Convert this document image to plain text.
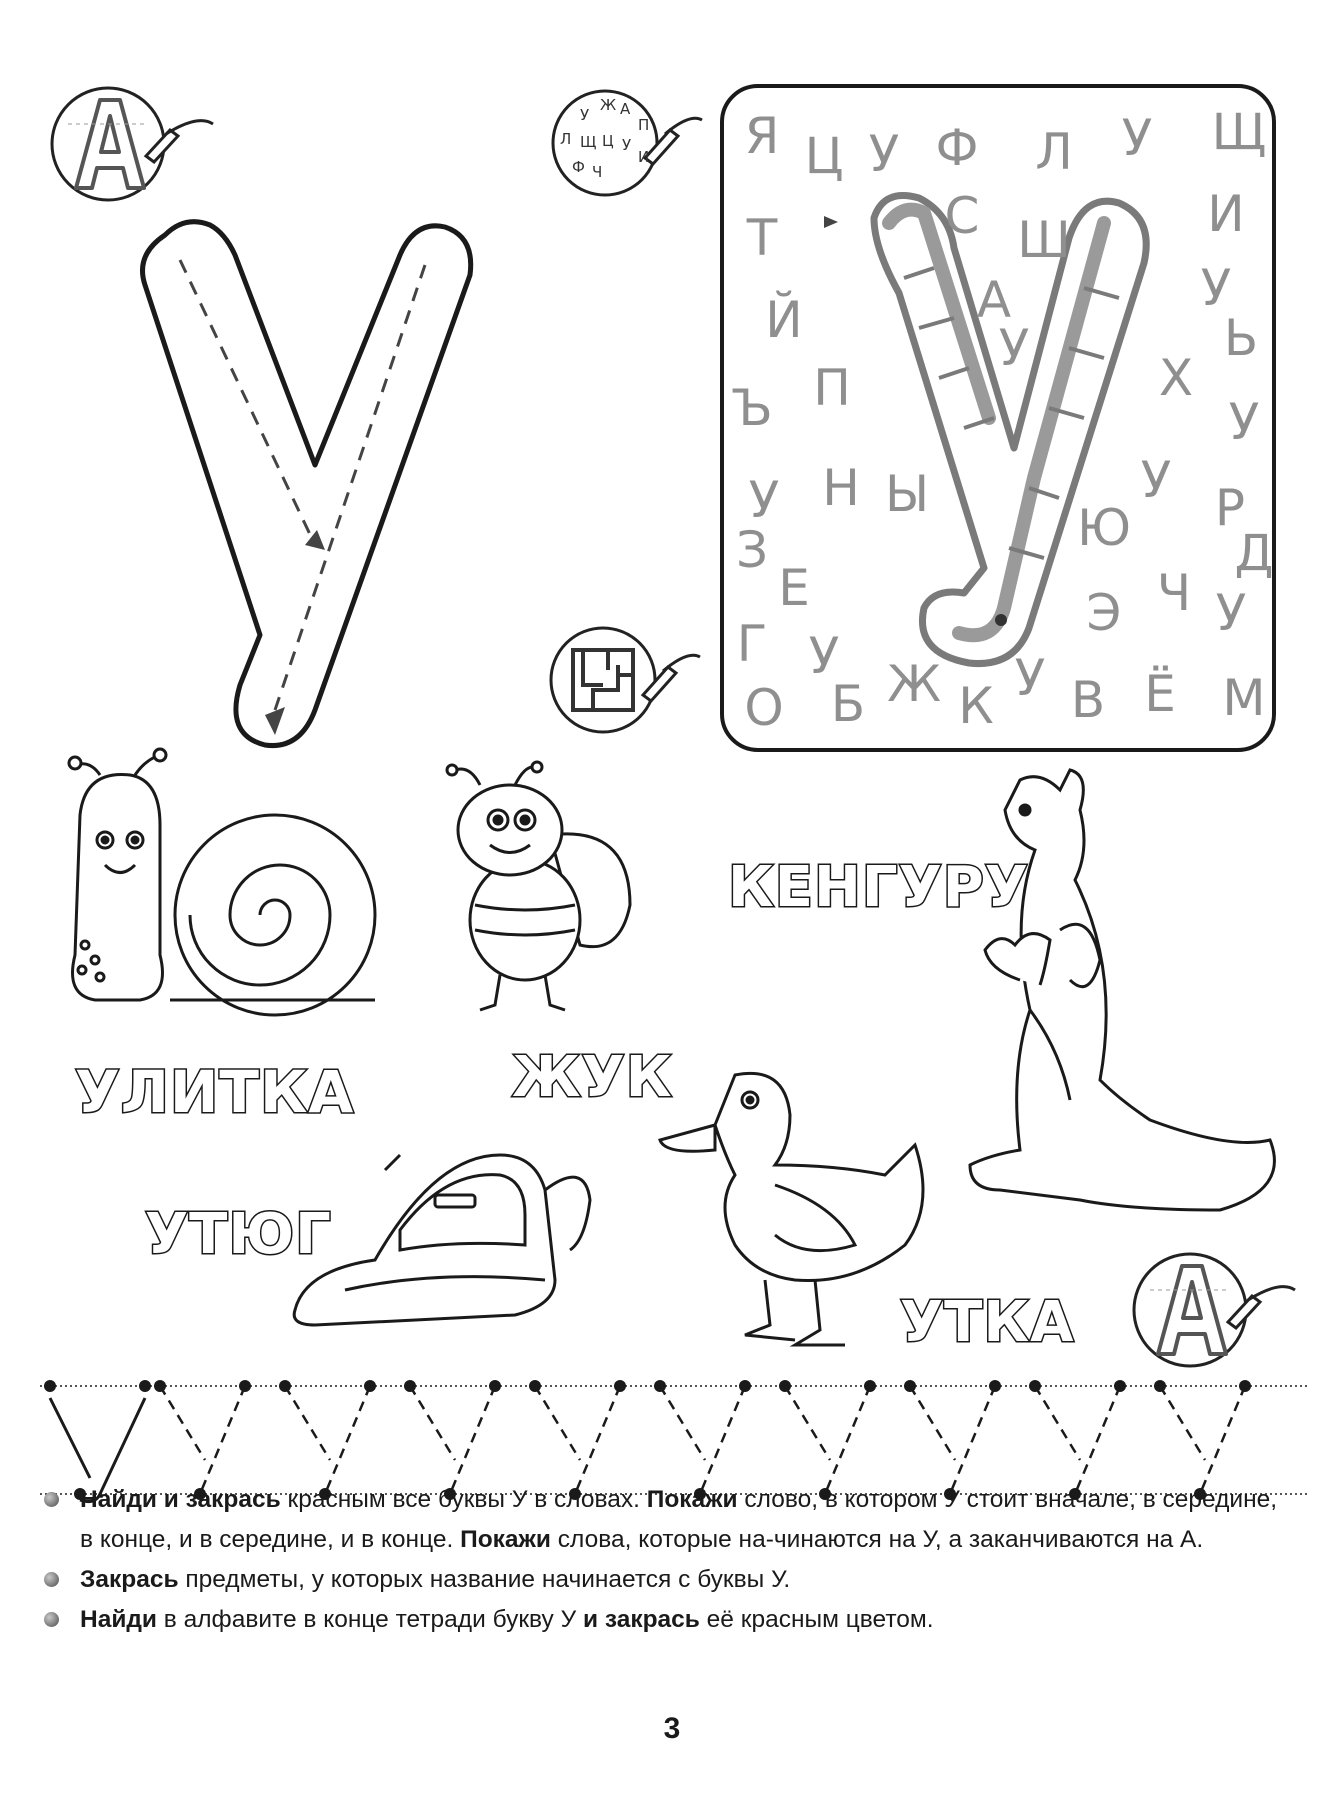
У
Ж А
П
Л Щ Ц У
Ф Ч
И Я Ц У Ф Л У Щ
Т	С Ш	И
А
Й	У
У
Ь
Ъ П	Х
У
У Н Ы	У
Ю Р
З	Д
Е	Э Ч У
Г У
Б Ж У В Ё
О	К	М
УЛИТКА	ЖУК
КЕНГУРУ
УТЮГ
УТКА
Найди и закрась красным все буквы У в словах. Покажи слово, в котором У стоит вначале, в середине, в конце, и в середине, и в конце. Покажи слова, которые на-чинаются на У, а заканчиваются на А.
Закрась предметы, у которых название начинается с буквы У.
Найди в алфавите в конце тетради букву У и закрась её красным цветом.
3
